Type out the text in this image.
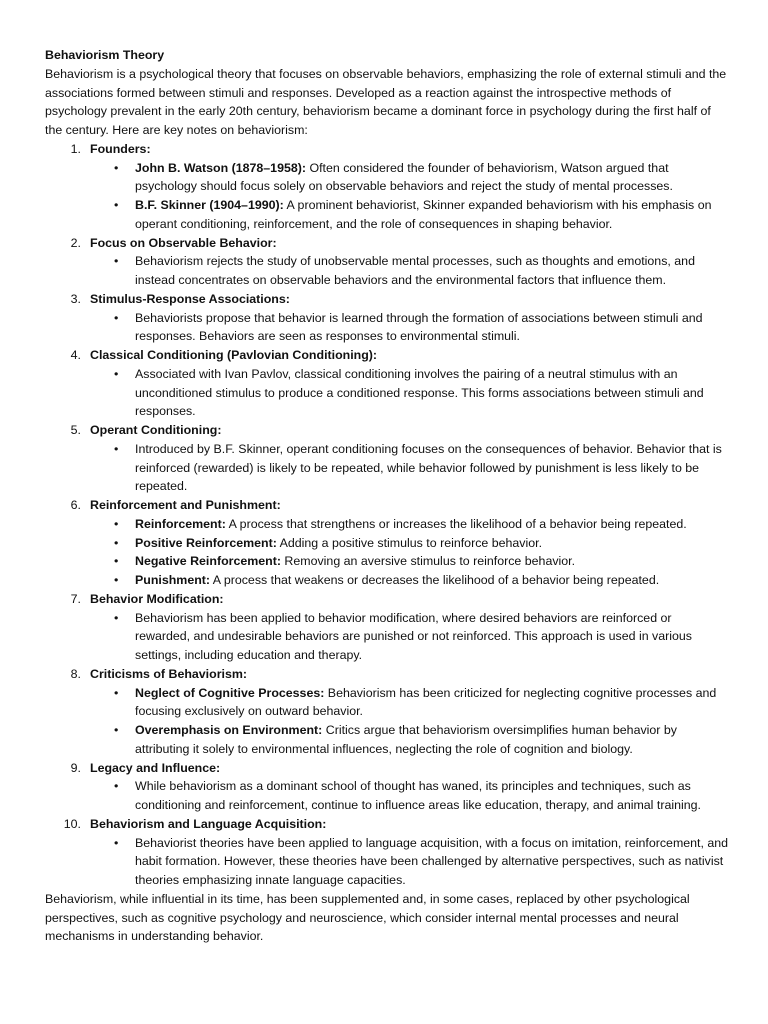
Behaviorism Theory

Behaviorism is a psychological theory that focuses on observable behaviors, emphasizing the role of external stimuli and the associations formed between stimuli and responses. Developed as a reaction against the introspective methods of psychology prevalent in the early 20th century, behaviorism became a dominant force in psychology during the first half of the century. Here are key notes on behaviorism:

1. Founders:
• John B. Watson (1878–1958): Often considered the founder of behaviorism, Watson argued that psychology should focus solely on observable behaviors and reject the study of mental processes.
• B.F. Skinner (1904–1990): A prominent behaviorist, Skinner expanded behaviorism with his emphasis on operant conditioning, reinforcement, and the role of consequences in shaping behavior.
2. Focus on Observable Behavior:
• Behaviorism rejects the study of unobservable mental processes, such as thoughts and emotions, and instead concentrates on observable behaviors and the environmental factors that influence them.
3. Stimulus-Response Associations:
• Behaviorists propose that behavior is learned through the formation of associations between stimuli and responses. Behaviors are seen as responses to environmental stimuli.
4. Classical Conditioning (Pavlovian Conditioning):
• Associated with Ivan Pavlov, classical conditioning involves the pairing of a neutral stimulus with an unconditioned stimulus to produce a conditioned response. This forms associations between stimuli and responses.
5. Operant Conditioning:
• Introduced by B.F. Skinner, operant conditioning focuses on the consequences of behavior. Behavior that is reinforced (rewarded) is likely to be repeated, while behavior followed by punishment is less likely to be repeated.
6. Reinforcement and Punishment:
• Reinforcement: A process that strengthens or increases the likelihood of a behavior being repeated.
• Positive Reinforcement: Adding a positive stimulus to reinforce behavior.
• Negative Reinforcement: Removing an aversive stimulus to reinforce behavior.
• Punishment: A process that weakens or decreases the likelihood of a behavior being repeated.
7. Behavior Modification:
• Behaviorism has been applied to behavior modification, where desired behaviors are reinforced or rewarded, and undesirable behaviors are punished or not reinforced. This approach is used in various settings, including education and therapy.
8. Criticisms of Behaviorism:
• Neglect of Cognitive Processes: Behaviorism has been criticized for neglecting cognitive processes and focusing exclusively on outward behavior.
• Overemphasis on Environment: Critics argue that behaviorism oversimplifies human behavior by attributing it solely to environmental influences, neglecting the role of cognition and biology.
9. Legacy and Influence:
• While behaviorism as a dominant school of thought has waned, its principles and techniques, such as conditioning and reinforcement, continue to influence areas like education, therapy, and animal training.
10. Behaviorism and Language Acquisition:
• Behaviorist theories have been applied to language acquisition, with a focus on imitation, reinforcement, and habit formation. However, these theories have been challenged by alternative perspectives, such as nativist theories emphasizing innate language capacities.

Behaviorism, while influential in its time, has been supplemented and, in some cases, replaced by other psychological perspectives, such as cognitive psychology and neuroscience, which consider internal mental processes and neural mechanisms in understanding behavior.
